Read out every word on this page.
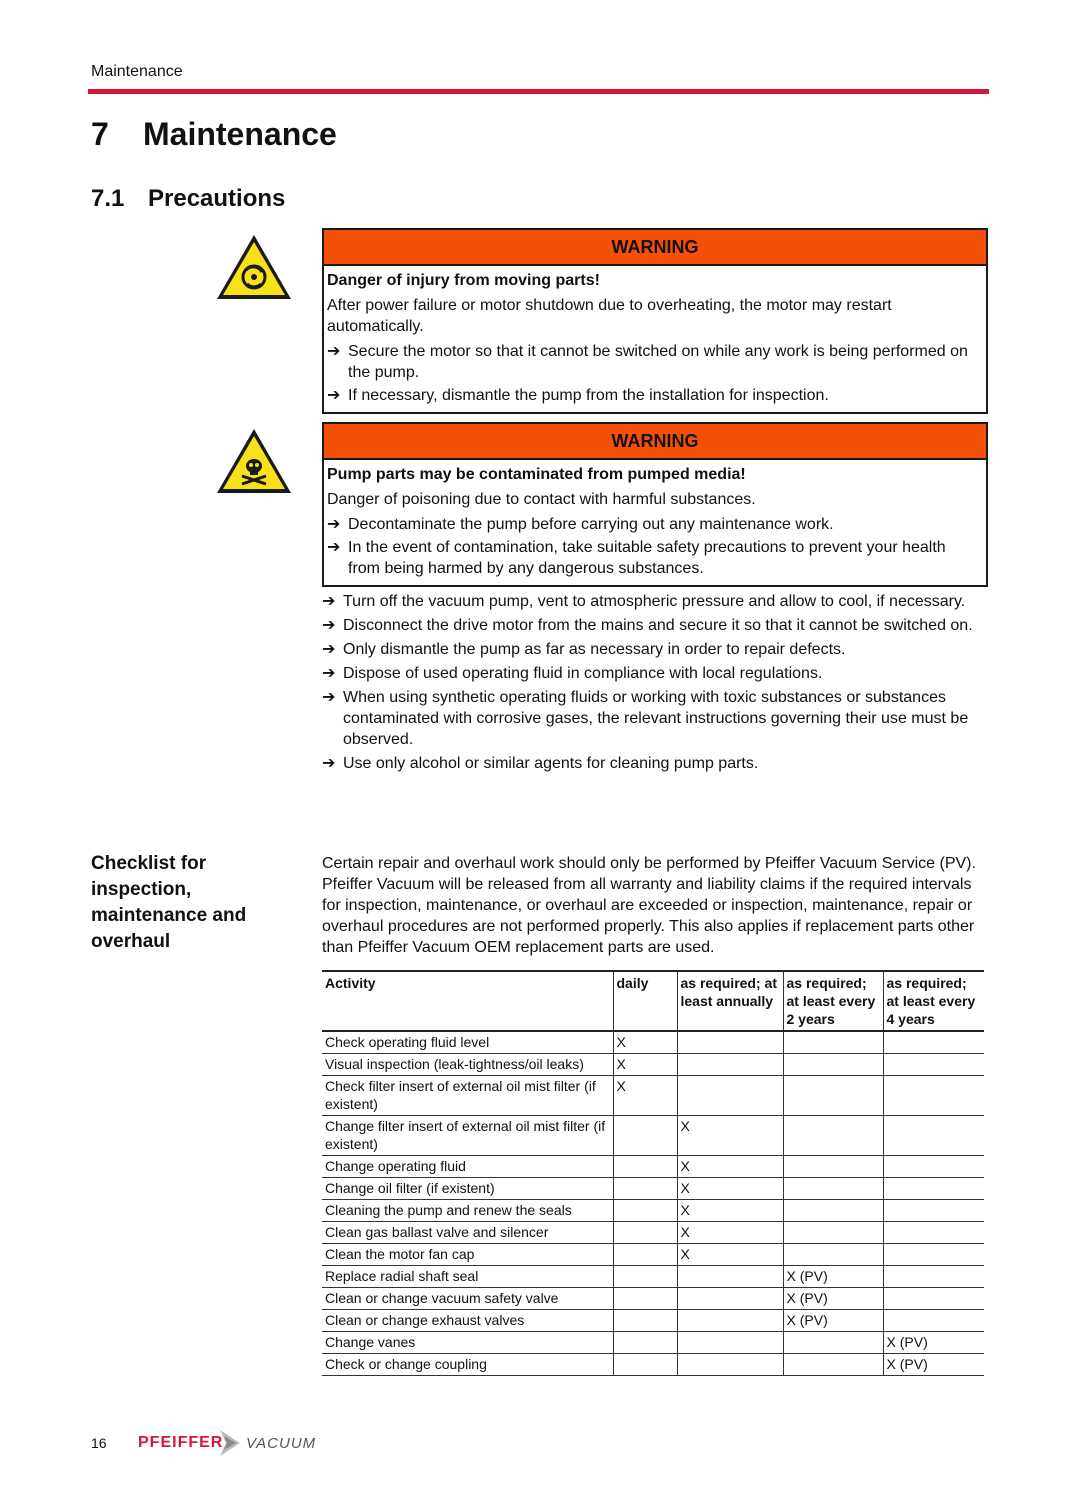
Maintenance
7 Maintenance
7.1 Precautions
WARNING
Danger of injury from moving parts!
After power failure or motor shutdown due to overheating, the motor may restart automatically.
➔ Secure the motor so that it cannot be switched on while any work is being performed on the pump.
➔ If necessary, dismantle the pump from the installation for inspection.
WARNING
Pump parts may be contaminated from pumped media!
Danger of poisoning due to contact with harmful substances.
➔ Decontaminate the pump before carrying out any maintenance work.
➔ In the event of contamination, take suitable safety precautions to prevent your health from being harmed by any dangerous substances.
➔ Turn off the vacuum pump, vent to atmospheric pressure and allow to cool, if necessary.
➔ Disconnect the drive motor from the mains and secure it so that it cannot be switched on.
➔ Only dismantle the pump as far as necessary in order to repair defects.
➔ Dispose of used operating fluid in compliance with local regulations.
➔ When using synthetic operating fluids or working with toxic substances or substances contaminated with corrosive gases, the relevant instructions governing their use must be observed.
➔ Use only alcohol or similar agents for cleaning pump parts.
Checklist for inspection, maintenance and overhaul
Certain repair and overhaul work should only be performed by Pfeiffer Vacuum Service (PV). Pfeiffer Vacuum will be released from all warranty and liability claims if the required intervals for inspection, maintenance, or overhaul are exceeded or inspection, maintenance, repair or overhaul procedures are not performed properly. This also applies if replacement parts other than Pfeiffer Vacuum OEM replacement parts are used.
Activity	daily	as required; at least annually	as required; at least every 2 years	as required; at least every 4 years
Check operating fluid level	X			
Visual inspection (leak-tightness/oil leaks)	X			
Check filter insert of external oil mist filter (if existent)	X			
Change filter insert of external oil mist filter (if existent)		X		
Change operating fluid		X		
Change oil filter (if existent)		X		
Cleaning the pump and renew the seals		X		
Clean gas ballast valve and silencer		X		
Clean the motor fan cap		X		
Replace radial shaft seal			X (PV)	
Clean or change vacuum safety valve			X (PV)	
Clean or change exhaust valves			X (PV)	
Change vanes				X (PV)
Check or change coupling				X (PV)
16 PFEIFFER VACUUM
